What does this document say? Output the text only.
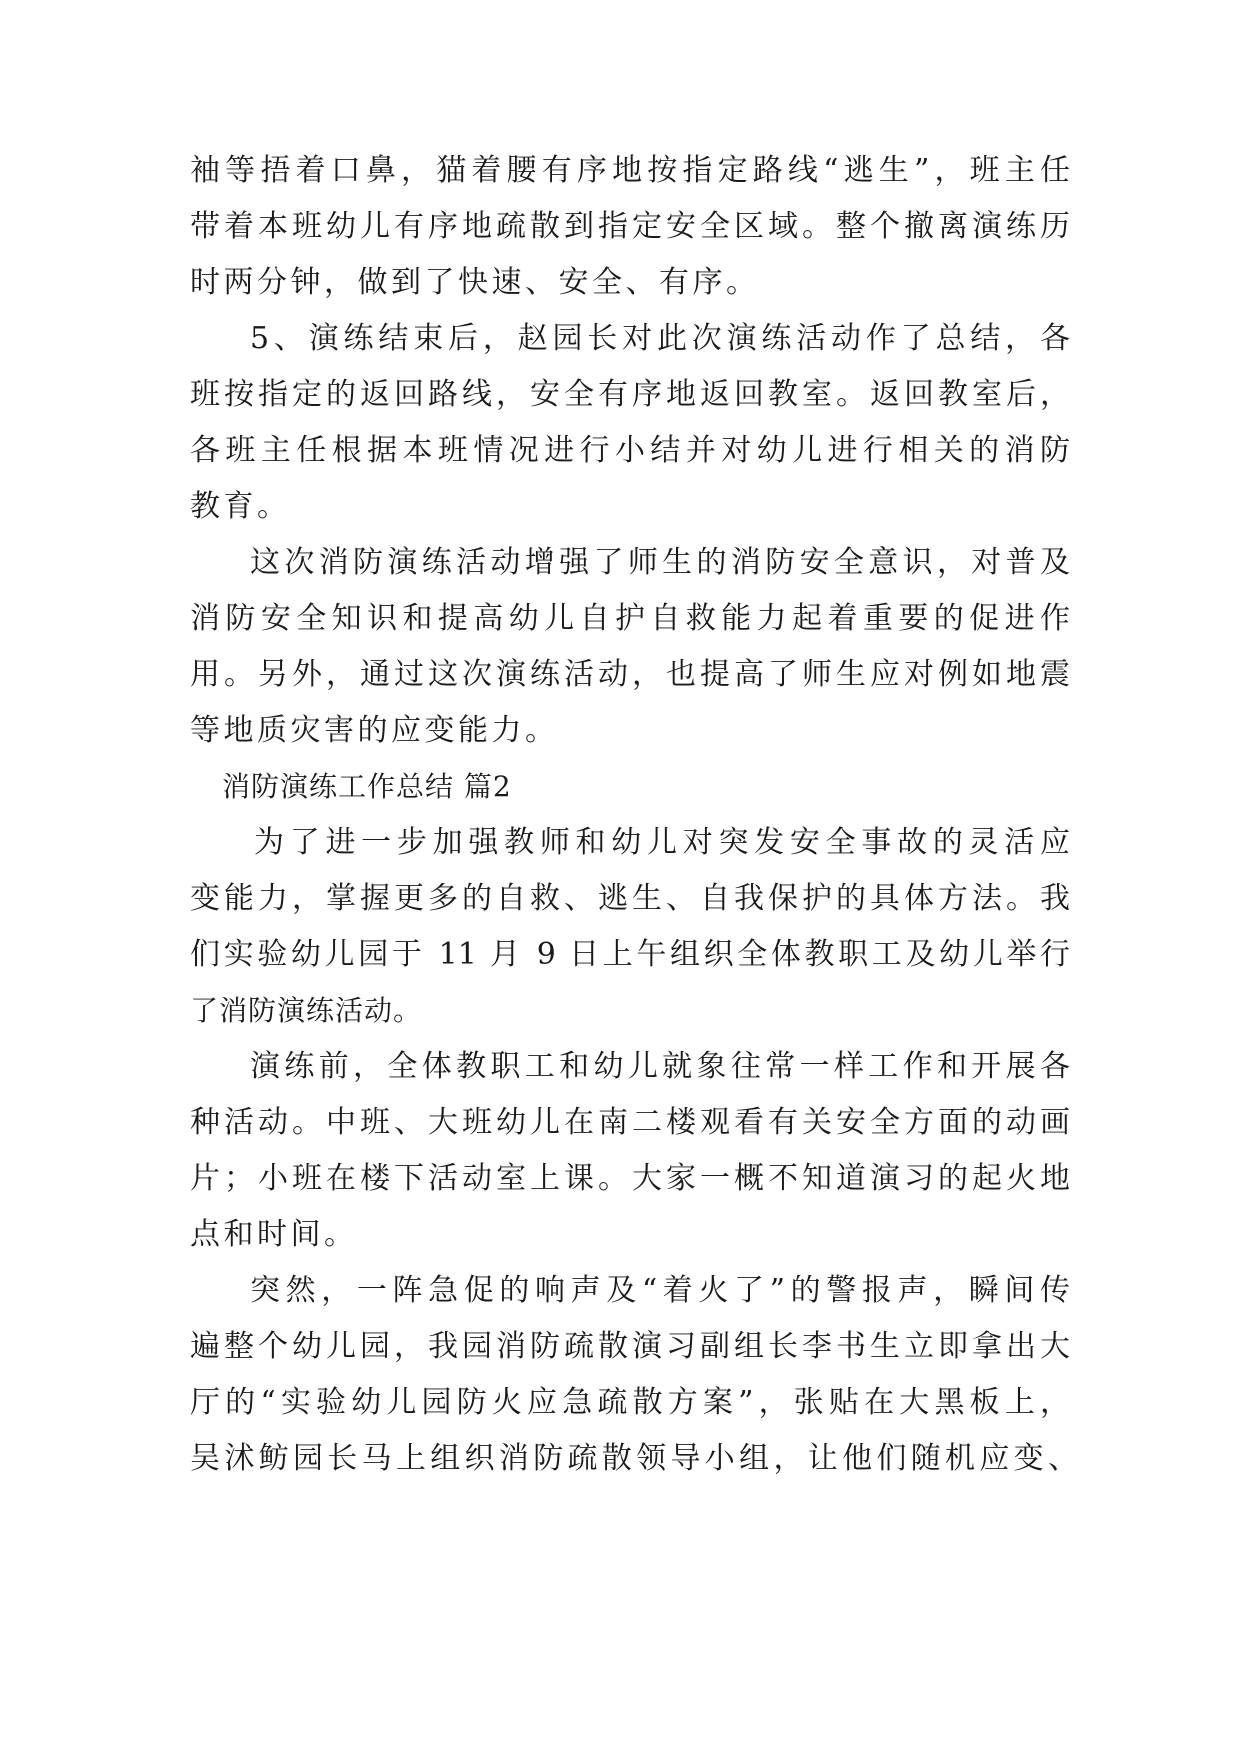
袖等捂着口鼻，猫着腰有序地按指定路线“逃生”，班主任

带着本班幼儿有序地疏散到指定安全区域。整个撤离演练历

时两分钟，做到了快速、安全、有序。

5、演练结束后，赵园长对此次演练活动作了总结，各

班按指定的返回路线，安全有序地返回教室。返回教室后，

各班主任根据本班情况进行小结并对幼儿进行相关的消防

教育。

这次消防演练活动增强了师生的消防安全意识，对普及

消防安全知识和提高幼儿自护自救能力起着重要的促进作

用。另外，通过这次演练活动，也提高了师生应对例如地震

等地质灾害的应变能力。

消防演练工作总结 篇2

为了进一步加强教师和幼儿对突发安全事故的灵活应

变能力，掌握更多的自救、逃生、自我保护的具体方法。我

们实验幼儿园于 11 月 9 日上午组织全体教职工及幼儿举行

了消防演练活动。

演练前，全体教职工和幼儿就象往常一样工作和开展各

种活动。中班、大班幼儿在南二楼观看有关安全方面的动画

片；小班在楼下活动室上课。大家一概不知道演习的起火地

点和时间。

突然，一阵急促的响声及“着火了”的警报声，瞬间传

遍整个幼儿园，我园消防疏散演习副组长李书生立即拿出大

厅的“实验幼儿园防火应急疏散方案”，张贴在大黑板上，

吴沭鲂园长马上组织消防疏散领导小组，让他们随机应变、
